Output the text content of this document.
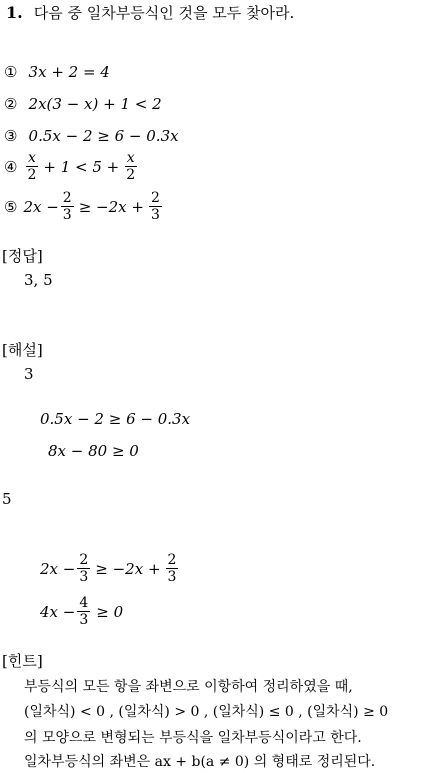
1. 다음 중 일차부등식인 것을 모두 찾아라.
① 3x + 2 = 4
② 2x(3 − x) + 1 < 2
③ 0.5x − 2 ≥ 6 − 0.3x
④ $\frac{x}{2} + 1 < 5 + \frac{x}{2}$
⑤ $2x - \frac{2}{3} \ge -2x + \frac{2}{3}$
[정답]
3, 5
[해설]
3
0.5x − 2 ≥ 6 − 0.3x
8x − 80 ≥ 0
5
$2x - \frac{2}{3} \ge -2x + \frac{2}{3}$
$4x - \frac{4}{3} \ge 0$
[힌트]
부등식의 모든 항을 좌변으로 이항하여 정리하였을 때,
(일차식) < 0 , (일차식) > 0 , (일차식) ≤ 0 , (일차식) ≥ 0
의 모양으로 변형되는 부등식을 일차부등식이라고 한다.
일차부등식의 좌변은 ax + b(a ≠ 0) 의 형태로 정리된다.
